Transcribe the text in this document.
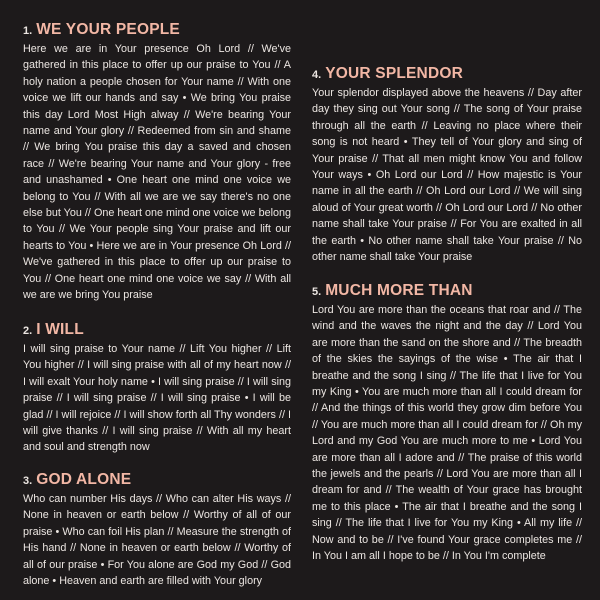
1. WE YOUR PEOPLE
Here we are in Your presence Oh Lord // We've gathered in this place to offer up our praise to You // A holy nation a people chosen for Your name // With one voice we lift our hands and say • We bring You praise this day Lord Most High alway // We're bearing Your name and Your glory // Redeemed from sin and shame // We bring You praise this day a saved and chosen race // We're bearing Your name and Your glory - free and unashamed • One heart one mind one voice we belong to You // With all we are we say there's no one else but You // One heart one mind one voice we belong to You // We Your people sing Your praise and lift our hearts to You • Here we are in Your presence Oh Lord // We've gathered in this place to offer up our praise to You // One heart one mind one voice we say // With all we are we bring You praise
2. I WILL
I will sing praise to Your name // Lift You higher // Lift You higher // I will sing praise with all of my heart now // I will exalt Your holy name • I will sing praise // I will sing praise // I will sing praise // I will sing praise • I will be glad // I will rejoice // I will show forth all Thy wonders // I will give thanks // I will sing praise // With all my heart and soul and strength now
3. GOD ALONE
Who can number His days // Who can alter His ways // None in heaven or earth below // Worthy of all of our praise • Who can foil His plan // Measure the strength of His hand // None in heaven or earth below // Worthy of all of our praise • For You alone are God my God // God alone • Heaven and earth are filled with Your glory
4. YOUR SPLENDOR
Your splendor displayed above the heavens // Day after day they sing out Your song // The song of Your praise through all the earth // Leaving no place where their song is not heard • They tell of Your glory and sing of Your praise // That all men might know You and follow Your ways • Oh Lord our Lord // How majestic is Your name in all the earth // Oh Lord our Lord // We will sing aloud of Your great worth // Oh Lord our Lord // No other name shall take Your praise // For You are exalted in all the earth • No other name shall take Your praise // No other name shall take Your praise
5. MUCH MORE THAN
Lord You are more than the oceans that roar and // The wind and the waves the night and the day // Lord You are more than the sand on the shore and // The breadth of the skies the sayings of the wise • The air that I breathe and the song I sing // The life that I live for You my King • You are much more than all I could dream for // And the things of this world they grow dim before You // You are much more than all I could dream for // Oh my Lord and my God You are much more to me • Lord You are more than all I adore and // The praise of this world the jewels and the pearls // Lord You are more than all I dream for and // The wealth of Your grace has brought me to this place • The air that I breathe and the song I sing // The life that I live for You my King • All my life // Now and to be // I've found Your grace completes me // In You I am all I hope to be // In You I'm complete
